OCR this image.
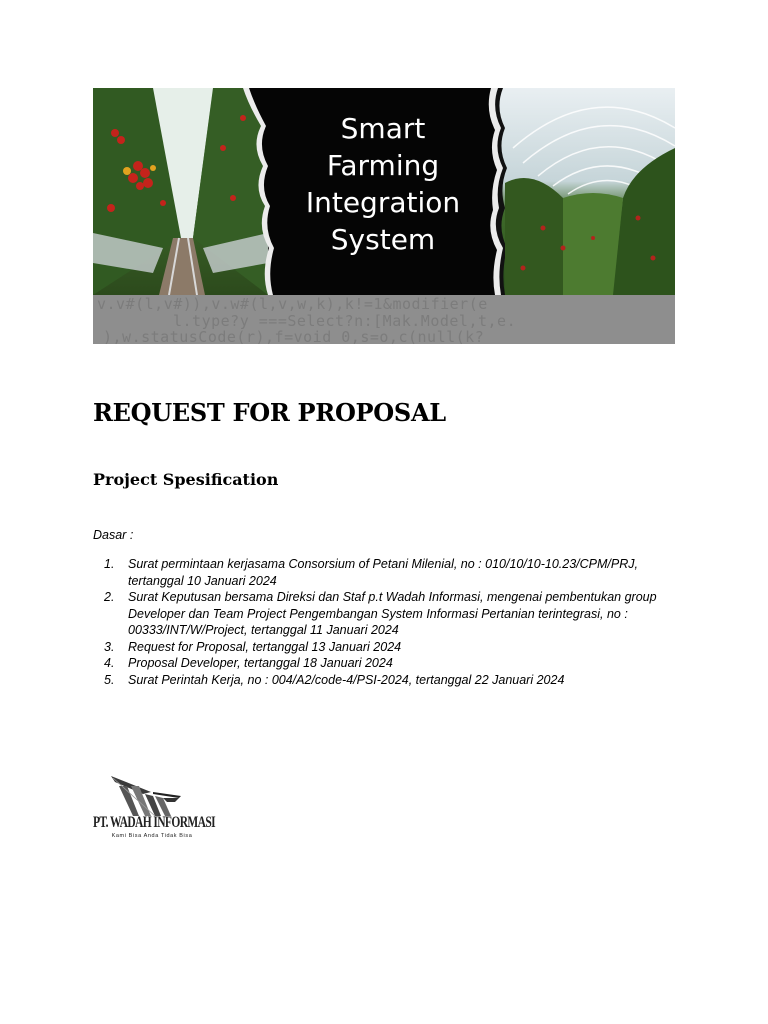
Smart
Farming
Integration
System
v.v#(l,v#)),v.w#(l,v,w,k),k!=1&modifier(e
l.type?y ===Select?n:[Mak.Model,t,e.
),w.statusCode(r),f=void 0,s=o,c(null(k?
REQUEST FOR PROPOSAL
Project Spesification
Dasar :
1. Surat permintaan kerjasama Consorsium of Petani Milenial, no : 010/10/10-10.23/CPM/PRJ,
tertanggal 10 Januari 2024
2. Surat Keputusan bersama Direksi dan Staf p.t Wadah Informasi, mengenai pembentukan group
Developer dan Team Project Pengembangan System Informasi Pertanian terintegrasi, no :
00333/INT/W/Project, tertanggal 11 Januari 2024
3. Request for Proposal, tertanggal 13 Januari 2024
4. Proposal Developer, tertanggal 18 Januari 2024
5. Surat Perintah Kerja, no : 004/A2/code-4/PSI-2024, tertanggal 22 Januari 2024
PT. WADAH INFORMASI
Kami Bisa Anda Tidak Bisa
